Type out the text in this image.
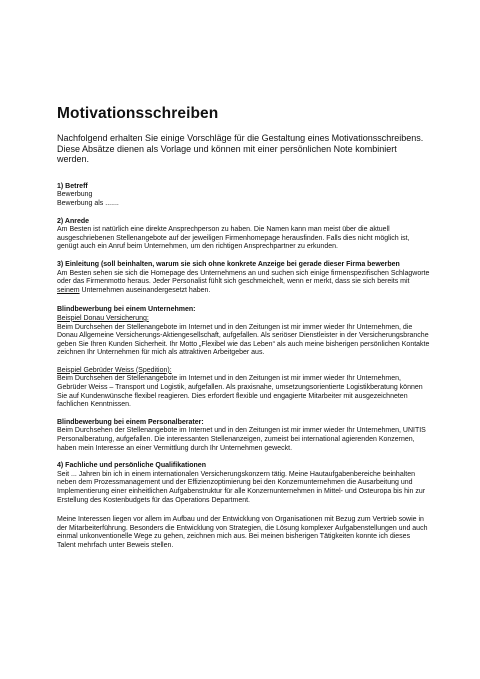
Motivationsschreiben
Nachfolgend erhalten Sie einige Vorschläge für die Gestaltung eines Motivationsschreibens. Diese Absätze dienen als Vorlage und können mit einer persönlichen Note kombiniert werden.
1) Betreff
Bewerbung
Bewerbung als .......
2) Anrede
Am Besten ist natürlich eine direkte Ansprechperson zu haben. Die Namen kann man meist über die aktuell ausgeschriebenen Stellenangebote auf der jeweiligen Firmenhomepage herausfinden. Falls dies nicht möglich ist, genügt auch ein Anruf beim Unternehmen, um den richtigen Ansprechpartner zu erkunden.
3) Einleitung (soll beinhalten, warum sie sich ohne konkrete Anzeige bei gerade dieser Firma bewerben
Am Besten sehen sie sich die Homepage des Unternehmens an und suchen sich einige firmenspezifischen Schlagworte oder das Firmenmotto heraus. Jeder Personalist fühlt sich geschmeichelt, wenn er merkt, dass sie sich bereits mit seinem Unternehmen auseinandergesetzt haben.
Blindbewerbung bei einem Unternehmen:
Beispiel Donau Versicherung:
Beim Durchsehen der Stellenangebote im Internet und in den Zeitungen ist mir immer wieder Ihr Unternehmen, die Donau Allgemeine Versicherungs-Aktiengesellschaft, aufgefallen. Als seriöser Dienstleister in der Versicherungsbranche geben Sie Ihren Kunden Sicherheit. Ihr Motto „Flexibel wie das Leben“ als auch meine bisherigen persönlichen Kontakte zeichnen Ihr Unternehmen für mich als attraktiven Arbeitgeber aus.
Beispiel Gebrüder Weiss (Spedition):
Beim Durchsehen der Stellenangebote im Internet und in den Zeitungen ist mir immer wieder Ihr Unternehmen, Gebrüder Weiss – Transport und Logistik, aufgefallen. Als praxisnahe, umsetzungsorientierte Logistikberatung können Sie auf Kundenwünsche flexibel reagieren. Dies erfordert flexible und engagierte Mitarbeiter mit ausgezeichneten fachlichen Kenntnissen.
Blindbewerbung bei einem Personalberater:
Beim Durchsehen der Stellenangebote im Internet und in den Zeitungen ist mir immer wieder Ihr Unternehmen, UNITIS Personalberatung, aufgefallen. Die interessanten Stellenanzeigen, zumeist bei international agierenden Konzernen, haben mein Interesse an einer Vermittlung durch Ihr Unternehmen geweckt.
4) Fachliche und persönliche Qualifikationen
Seit ... Jahren bin ich in einem internationalen Versicherungskonzern tätig. Meine Hautaufgabenbereiche beinhalten neben dem Prozessmanagement und der Effizienzoptimierung bei den Konzernunternehmen die Ausarbeitung und Implementierung einer einheitlichen Aufgabenstruktur für alle Konzernunternehmen in Mittel- und Osteuropa bis hin zur Erstellung des Kostenbudgets für das Operations Department.
Meine Interessen liegen vor allem im Aufbau und der Entwicklung von Organisationen mit Bezug zum Vertrieb sowie in der Mitarbeiterführung. Besonders die Entwicklung von Strategien, die Lösung komplexer Aufgabenstellungen und auch einmal unkonventionelle Wege zu gehen, zeichnen mich aus. Bei meinen bisherigen Tätigkeiten konnte ich dieses Talent mehrfach unter Beweis stellen.
